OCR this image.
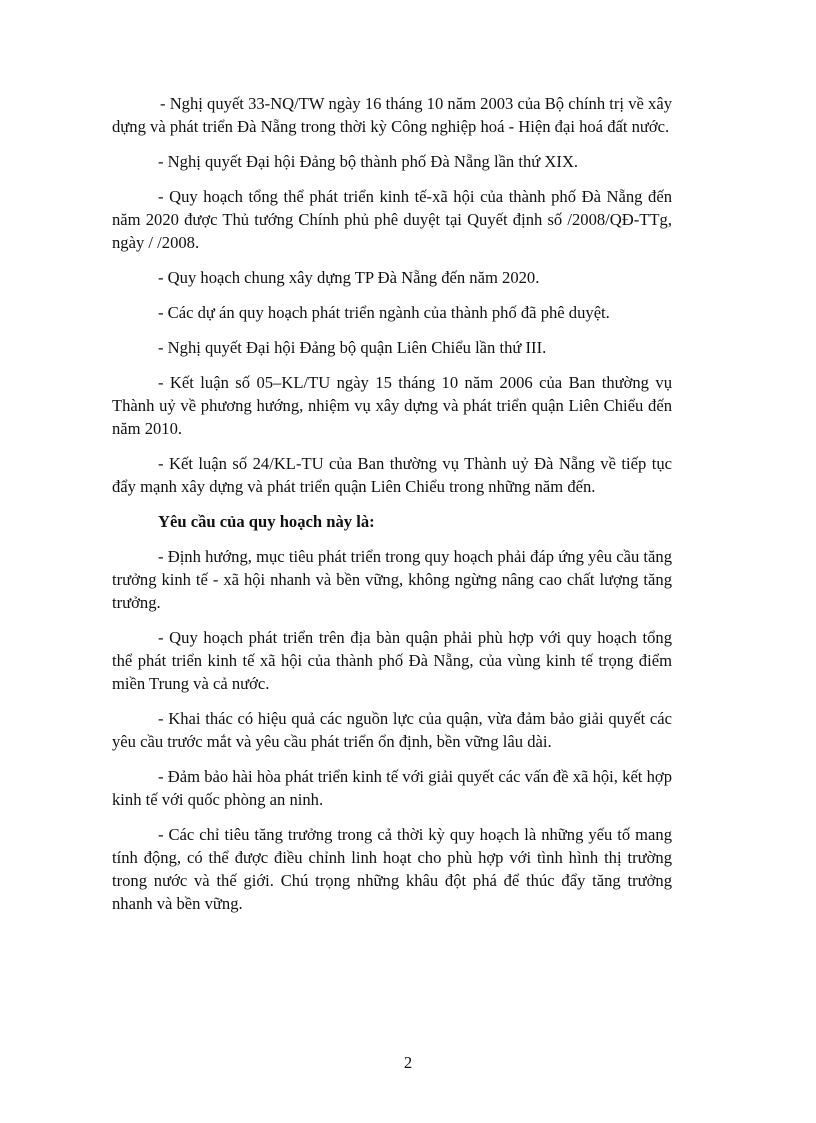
- Nghị quyết 33-NQ/TW ngày 16 tháng 10 năm 2003 của Bộ chính trị về xây dựng và phát triển Đà Nẵng trong thời kỳ Công nghiệp hoá - Hiện đại hoá đất nước.

- Nghị quyết Đại hội Đảng bộ thành phố Đà Nẵng lần thứ XIX.

- Quy hoạch tổng thể phát triển kinh tế-xã hội của thành phố Đà Nẵng đến năm 2020 được Thủ tướng Chính phủ phê duyệt tại Quyết định số /2008/QĐ-TTg, ngày / /2008.

- Quy hoạch chung xây dựng TP Đà Nẵng đến năm 2020.

- Các dự án quy hoạch phát triển ngành của thành phố đã phê duyệt.

- Nghị quyết Đại hội Đảng bộ quận Liên Chiểu lần thứ III.

- Kết luận số 05–KL/TU ngày 15 tháng 10 năm 2006 của Ban thường vụ Thành uỷ về phương hướng, nhiệm vụ xây dựng và phát triển quận Liên Chiểu đến năm 2010.

- Kết luận số 24/KL-TU của Ban thường vụ Thành uỷ Đà Nẵng về tiếp tục đẩy mạnh xây dựng và phát triển quận Liên Chiểu trong những năm đến.

Yêu cầu của quy hoạch này là:

- Định hướng, mục tiêu phát triển trong quy hoạch phải đáp ứng yêu cầu tăng trưởng kinh tế - xã hội nhanh và bền vững, không ngừng nâng cao chất lượng tăng trưởng.

- Quy hoạch phát triển trên địa bàn quận phải phù hợp với quy hoạch tổng thể phát triển kinh tế xã hội của thành phố Đà Nẵng, của vùng kinh tế trọng điểm miền Trung và cả nước.

- Khai thác có hiệu quả các nguồn lực của quận, vừa đảm bảo giải quyết các yêu cầu trước mắt và yêu cầu phát triển ổn định, bền vững lâu dài.

- Đảm bảo hài hòa phát triển kinh tế với giải quyết các vấn đề xã hội, kết hợp kinh tế với quốc phòng an ninh.

- Các chỉ tiêu tăng trưởng trong cả thời kỳ quy hoạch là những yếu tố mang tính động, có thể được điều chỉnh linh hoạt cho phù hợp với tình hình thị trường trong nước và thế giới. Chú trọng những khâu đột phá để thúc đẩy tăng trưởng nhanh và bền vững.

2
